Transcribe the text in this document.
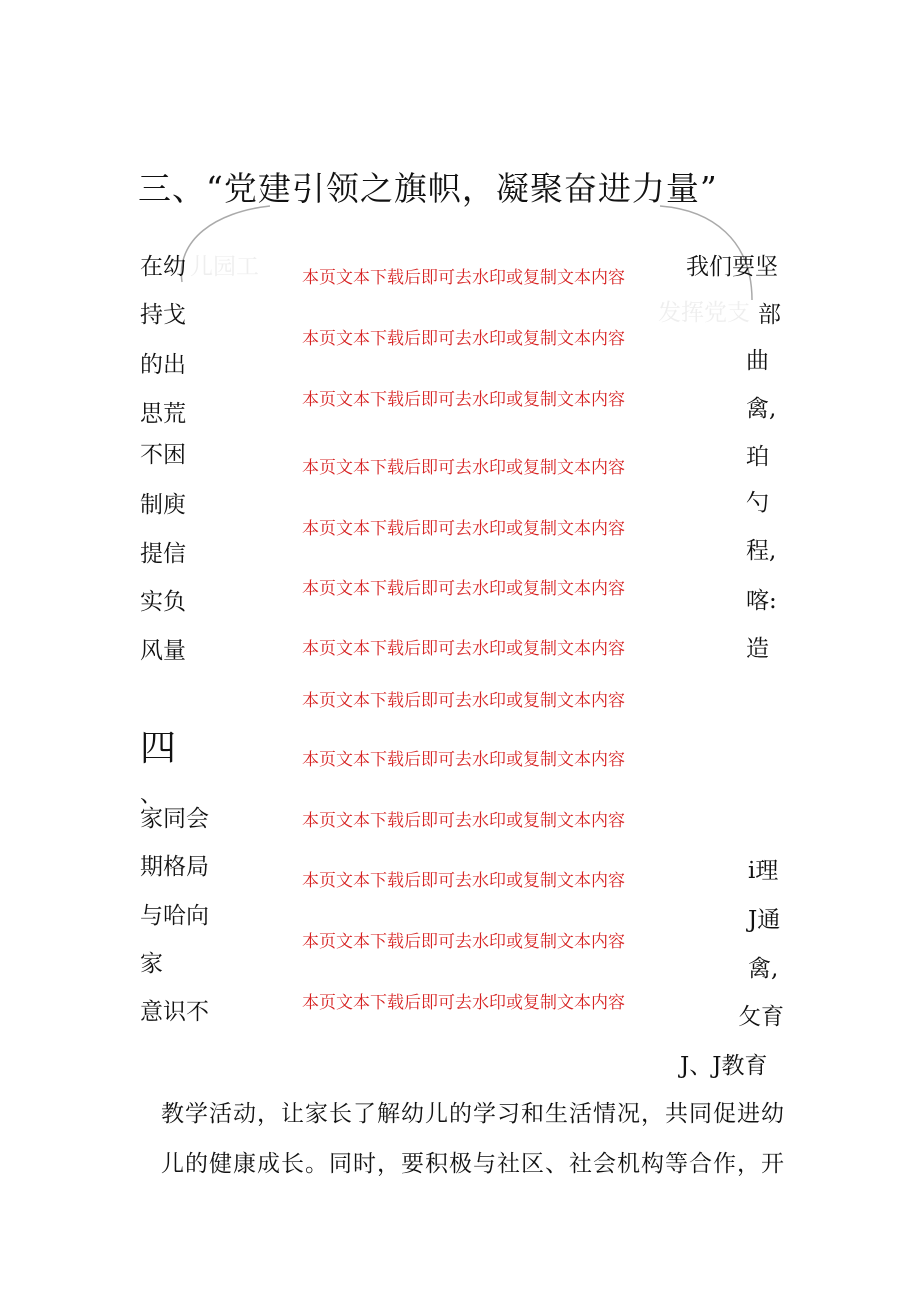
三、“党建引领之旗帜，凝聚奋进力量”
儿园工
发挥党支
在幼
持戈
的出
思荒
不困
制庾
提信
实负
风量
四
、
家同会
期格局
与哈向
家
意识不
我们要坚
部
曲
禽,
珀
勺
程,
喀:
造
i理
J通
禽,
攵育
J、J教育
本页文本下载后即可去水印或复制文本内容
本页文本下载后即可去水印或复制文本内容
本页文本下载后即可去水印或复制文本内容
本页文本下载后即可去水印或复制文本内容
本页文本下载后即可去水印或复制文本内容
本页文本下载后即可去水印或复制文本内容
本页文本下载后即可去水印或复制文本内容
本页文本下载后即可去水印或复制文本内容
本页文本下载后即可去水印或复制文本内容
本页文本下载后即可去水印或复制文本内容
本页文本下载后即可去水印或复制文本内容
本页文本下载后即可去水印或复制文本内容
本页文本下载后即可去水印或复制文本内容
教学活动，让家长了解幼儿的学习和生活情况，共同促进幼
儿的健康成长。同时，要积极与社区、社会机构等合作，开
